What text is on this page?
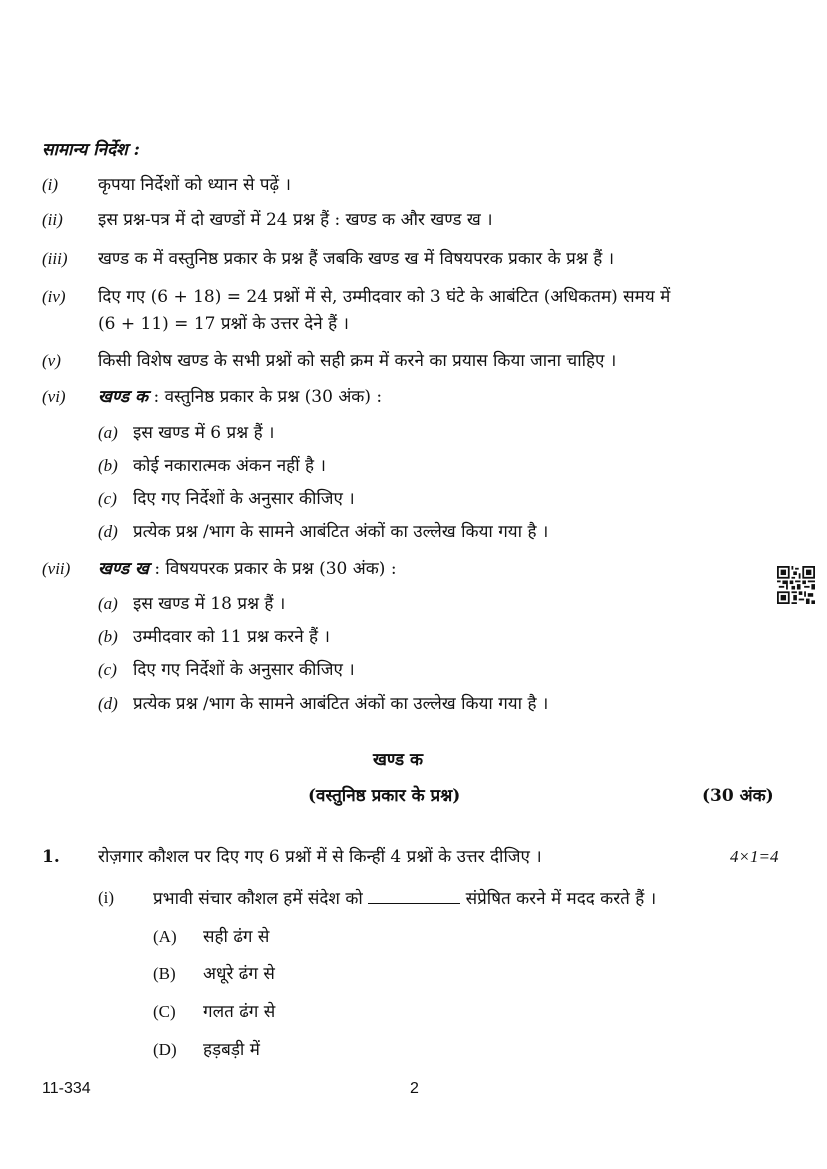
सामान्य निर्देश :
(i) कृपया निर्देशों को ध्यान से पढ़ें ।
(ii) इस प्रश्न-पत्र में दो खण्डों में 24 प्रश्न हैं : खण्ड क और खण्ड ख ।
(iii) खण्ड क में वस्तुनिष्ठ प्रकार के प्रश्न हैं जबकि खण्ड ख में विषयपरक प्रकार के प्रश्न हैं ।
(iv) दिए गए (6 + 18) = 24 प्रश्नों में से, उम्मीदवार को 3 घंटे के आबंटित (अधिकतम) समय में
(6 + 11) = 17 प्रश्नों के उत्तर देने हैं ।
(v) किसी विशेष खण्ड के सभी प्रश्नों को सही क्रम में करने का प्रयास किया जाना चाहिए ।
(vi) खण्ड क : वस्तुनिष्ठ प्रकार के प्रश्न (30 अंक) :
(a) इस खण्ड में 6 प्रश्न हैं ।
(b) कोई नकारात्मक अंकन नहीं है ।
(c) दिए गए निर्देशों के अनुसार कीजिए ।
(d) प्रत्येक प्रश्न /भाग के सामने आबंटित अंकों का उल्लेख किया गया है ।
(vii) खण्ड ख : विषयपरक प्रकार के प्रश्न (30 अंक) :
(a) इस खण्ड में 18 प्रश्न हैं ।
(b) उम्मीदवार को 11 प्रश्न करने हैं ।
(c) दिए गए निर्देशों के अनुसार कीजिए ।
(d) प्रत्येक प्रश्न /भाग के सामने आबंटित अंकों का उल्लेख किया गया है ।
खण्ड क
(वस्तुनिष्ठ प्रकार के प्रश्न)	(30 अंक)
1. रोज़गार कौशल पर दिए गए 6 प्रश्नों में से किन्हीं 4 प्रश्नों के उत्तर दीजिए ।	4×1=4
(i) प्रभावी संचार कौशल हमें संदेश को	संप्रेषित करने में मदद करते हैं ।
(A) सही ढंग से
(B) अधूरे ढंग से
(C) गलत ढंग से
(D) हड़बड़ी में
11-334	2
